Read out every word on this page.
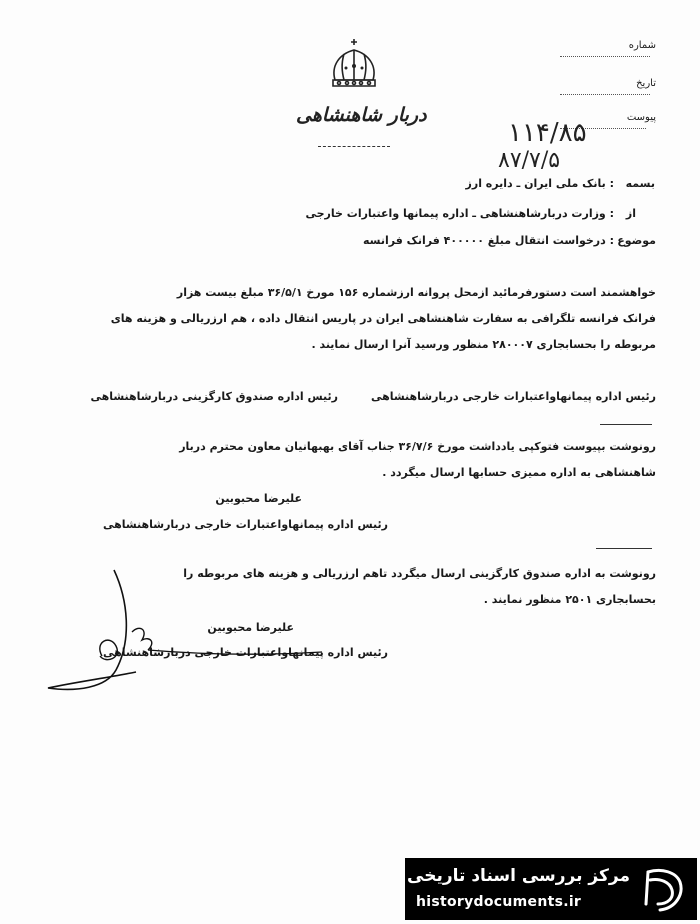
دربار شاهنشاهی
شماره
تاریخ
پیوست
۱۱۴/۸۵
۸۷/۷/۵
بسمه
: بانک ملی ایران ـ دایره ارز
از
: وزارت دربارشاهنشاهی ـ اداره پیمانها واعتبارات خارجی
موضوع
: درخواست انتقال مبلغ ۴۰۰۰۰۰ فرانک فرانسه
خواهشمند است دستورفرمائید ازمحل پروانه ارزشماره ۱۵۶ مورخ ۳۶/۵/۱ مبلغ بیست هزار
فرانک فرانسه تلگرافی به سفارت شاهنشاهی ایران در پاریس انتقال داده ، هم ارزریالی و هزینه های
مربوطه را بحسابجاری ۲۸۰۰۰۷ منظور ورسید آنرا ارسال نمایند .
رئیس اداره پیمانهاواعتبارات خارجی دربارشاهنشاهی
رئیس اداره صندوق کارگزینی دربارشاهنشاهی
رونوشت بپیوست فتوکپی یادداشت مورخ ۳۶/۷/۶ جناب آقای بهبهانیان معاون محترم دربار
شاهنشاهی به اداره ممیزی حسابها ارسال میگردد .
علیرضا محبوبین
رئیس اداره پیمانهاواعتبارات خارجی دربارشاهنشاهی
رونوشت به اداره صندوق کارگزینی ارسال میگردد تاهم ارزریالی و هزینه های مربوطه را
بحسابجاری ۲۵۰۱ منظور نمایند .
علیرضا محبوبین
رئیس اداره پیمانهاواعتبارات خارجی دربارشاهنشاهی
مرکز بررسی اسناد تاریخی
historydocuments.ir
